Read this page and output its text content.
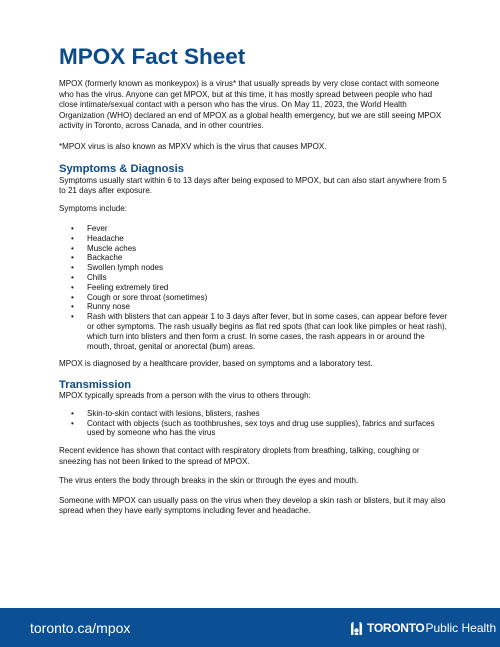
MPOX Fact Sheet

MPOX (formerly known as monkeypox) is a virus* that usually spreads by very close contact with someone who has the virus. Anyone can get MPOX, but at this time, it has mostly spread between people who had close intimate/sexual contact with a person who has the virus. On May 11, 2023, the World Health Organization (WHO) declared an end of MPOX as a global health emergency, but we are still seeing MPOX activity in Toronto, across Canada, and in other countries.

*MPOX virus is also known as MPXV which is the virus that causes MPOX.

Symptoms & Diagnosis

Symptoms usually start within 6 to 13 days after being exposed to MPOX, but can also start anywhere from 5 to 21 days after exposure.

Symptoms include:

• Fever
• Headache
• Muscle aches
• Backache
• Swollen lymph nodes
• Chills
• Feeling extremely tired
• Cough or sore throat (sometimes)
• Runny nose
• Rash with blisters that can appear 1 to 3 days after fever, but in some cases, can appear before fever or other symptoms. The rash usually begins as flat red spots (that can look like pimples or heat rash), which turn into blisters and then form a crust. In some cases, the rash appears in or around the mouth, throat, genital or anorectal (bum) areas.

MPOX is diagnosed by a healthcare provider, based on symptoms and a laboratory test.

Transmission

MPOX typically spreads from a person with the virus to others through:

• Skin-to-skin contact with lesions, blisters, rashes
• Contact with objects (such as toothbrushes, sex toys and drug use supplies), fabrics and surfaces used by someone who has the virus

Recent evidence has shown that contact with respiratory droplets from breathing, talking, coughing or sneezing has not been linked to the spread of MPOX.

The virus enters the body through breaks in the skin or through the eyes and mouth.

Someone with MPOX can usually pass on the virus when they develop a skin rash or blisters, but it may also spread when they have early symptoms including fever and headache.

toronto.ca/mpox	TORONTO Public Health
